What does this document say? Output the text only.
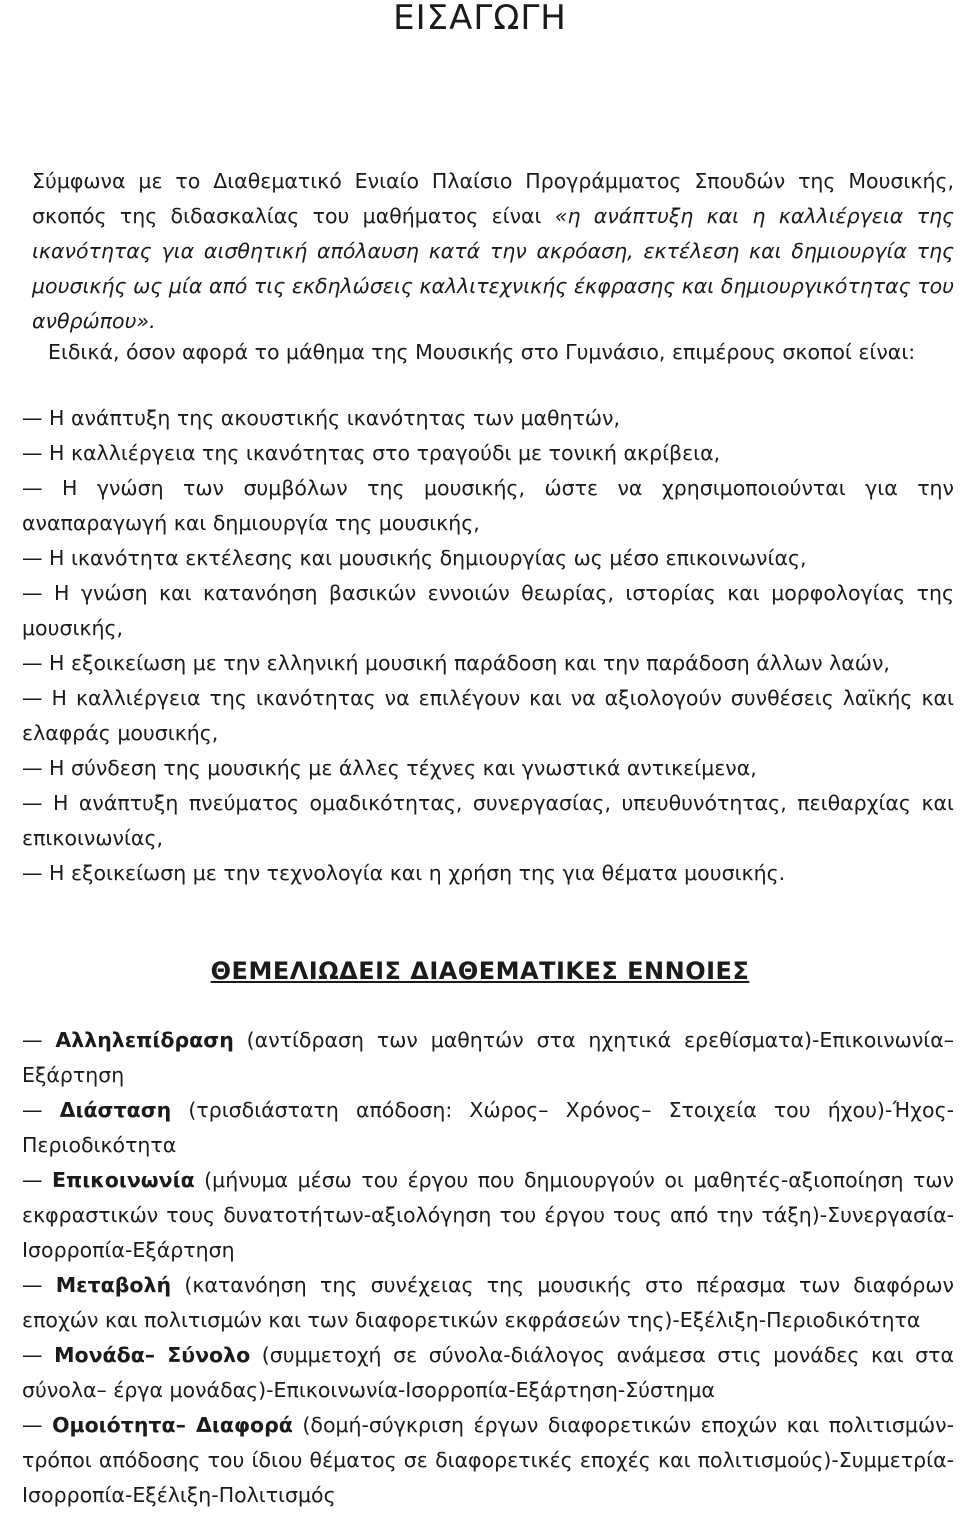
ΕΙΣΑΓΩΓΗ

Σύμφωνα με το Διαθεματικό Ενιαίο Πλαίσιο Προγράμματος Σπουδών της Μουσικής, σκοπός της διδασκαλίας του μαθήματος είναι «η ανάπτυξη και η καλλιέργεια της ικανότητας για αισθητική απόλαυση κατά την ακρόαση, εκτέλεση και δημιουργία της μουσικής ως μία από τις εκδηλώσεις καλλιτεχνικής έκφρασης και δημιουργικότητας του ανθρώπου».

Ειδικά, όσον αφορά το μάθημα της Μουσικής στο Γυμνάσιο, επιμέρους σκοποί είναι:

— Η ανάπτυξη της ακουστικής ικανότητας των μαθητών,
— Η καλλιέργεια της ικανότητας στο τραγούδι με τονική ακρίβεια,
— Η γνώση των συμβόλων της μουσικής, ώστε να χρησιμοποιούνται για την αναπαραγωγή και δημιουργία της μουσικής,
— Η ικανότητα εκτέλεσης και μουσικής δημιουργίας ως μέσο επικοινωνίας,
— Η γνώση και κατανόηση βασικών εννοιών θεωρίας, ιστορίας και μορφολογίας της μουσικής,
— Η εξοικείωση με την ελληνική μουσική παράδοση και την παράδοση άλλων λαών,
— Η καλλιέργεια της ικανότητας να επιλέγουν και να αξιολογούν συνθέσεις λαϊκής και ελαφράς μουσικής,
— Η σύνδεση της μουσικής με άλλες τέχνες και γνωστικά αντικείμενα,
— Η ανάπτυξη πνεύματος ομαδικότητας, συνεργασίας, υπευθυνότητας, πειθαρχίας και επικοινωνίας,
— Η εξοικείωση με την τεχνολογία και η χρήση της για θέματα μουσικής.
ΘΕΜΕΛΙΩΔΕΙΣ ΔΙΑΘΕΜΑΤΙΚΕΣ ΕΝΝΟΙΕΣ
— Αλληλεπίδραση (αντίδραση των μαθητών στα ηχητικά ερεθίσματα)-Επικοινωνία–Εξάρτηση
— Διάσταση (τρισδιάστατη απόδοση: Χώρος– Χρόνος– Στοιχεία του ήχου)-Ήχος-Περιοδικότητα
— Επικοινωνία (μήνυμα μέσω του έργου που δημιουργούν οι μαθητές-αξιοποίηση των εκφραστικών τους δυνατοτήτων-αξιολόγηση του έργου τους από την τάξη)-Συνεργασία-Ισορροπία-Εξάρτηση
— Μεταβολή (κατανόηση της συνέχειας της μουσικής στο πέρασμα των διαφόρων εποχών και πολιτισμών και των διαφορετικών εκφράσεών της)-Εξέλιξη-Περιοδικότητα
— Μονάδα– Σύνολο (συμμετοχή σε σύνολα-διάλογος ανάμεσα στις μονάδες και στα σύνολα– έργα μονάδας)-Επικοινωνία-Ισορροπία-Εξάρτηση-Σύστημα
— Ομοιότητα– Διαφορά (δομή-σύγκριση έργων διαφορετικών εποχών και πολιτισμών-τρόποι απόδοσης του ίδιου θέματος σε διαφορετικές εποχές και πολιτισμούς)-Συμμετρία-Ισορροπία-Εξέλιξη-Πολιτισμός
